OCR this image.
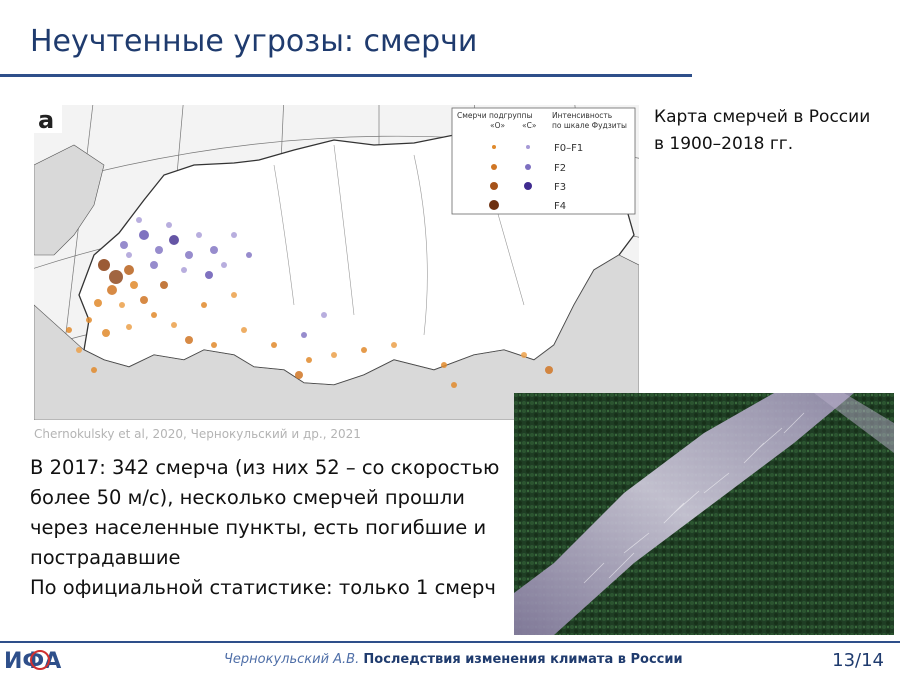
Неучтенные угрозы: смерчи
a	Смерчи подгруппы
«О» «С»
Интенсивность
по шкале Фудзиты
F0–F1
F2
F3
F4
Chernokulsky et al, 2020, Чернокульский и др., 2021
Карта смерчей в России в 1900–2018 гг.

В 2017: 342 смерча (из них 52 – со скоростью более 50 м/с), несколько смерчей прошли через населенные пункты, есть погибшие и пострадавшие

По официальной статистике: только 1 смерч

ИФА	Чернокульский А.В. Последствия изменения климата в России	13/14
